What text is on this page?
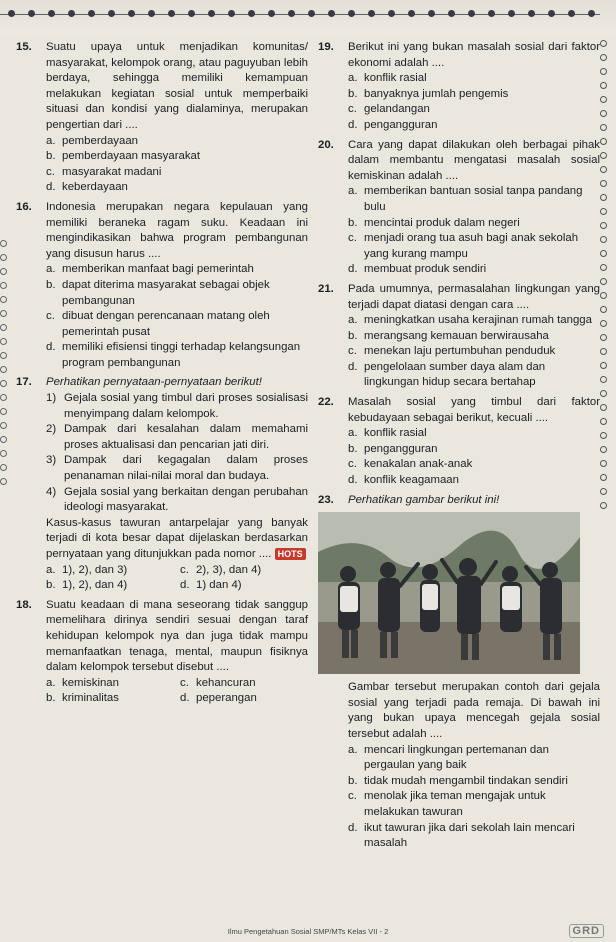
15.	Suatu upaya untuk menjadikan komunitas/ masyarakat, kelompok orang, atau paguyuban lebih berdaya, sehingga memiliki kemampuan melakukan kegiatan sosial untuk memperbaiki situasi dan kondisi yang dialaminya, merupakan pengertian dari ....
a. pemberdayaan
b. pemberdayaan masyarakat
c. masyarakat madani
d. keberdayaan
16.	Indonesia merupakan negara kepulauan yang memiliki beraneka ragam suku. Keadaan ini mengindikasikan bahwa program pembangunan yang disusun harus ....
a. memberikan manfaat bagi pemerintah
b. dapat diterima masyarakat sebagai objek pembangunan
c. dibuat dengan perencanaan matang oleh pemerintah pusat
d. memiliki efisiensi tinggi terhadap kelangsungan program pembangunan
17.	Perhatikan pernyataan-pernyataan berikut!
1) Gejala sosial yang timbul dari proses sosialisasi menyimpang dalam kelompok.
2) Dampak dari kesalahan dalam memahami proses aktualisasi dan pencarian jati diri.
3) Dampak dari kegagalan dalam proses penanaman nilai-nilai moral dan budaya.
4) Gejala sosial yang berkaitan dengan perubahan ideologi masyarakat.
Kasus-kasus tawuran antarpelajar yang banyak terjadi di kota besar dapat dijelaskan berdasarkan pernyataan yang ditunjukkan pada nomor .... HOTS
a. 1), 2), dan 3)	c. 2), 3), dan 4)
b. 1), 2), dan 4)	d. 1) dan 4)
18.	Suatu keadaan di mana seseorang tidak sanggup memelihara dirinya sendiri sesuai dengan taraf kehidupan kelompok nya dan juga tidak mampu memanfaatkan tenaga, mental, maupun fisiknya dalam kelompok tersebut disebut ....
a. kemiskinan	c. kehancuran
b. kriminalitas	d. peperangan
19.	Berikut ini yang bukan masalah sosial dari faktor ekonomi adalah ....
a. konflik rasial
b. banyaknya jumlah pengemis
c. gelandangan
d. pengangguran
20.	Cara yang dapat dilakukan oleh berbagai pihak dalam membantu mengatasi masalah sosial kemiskinan adalah ....
a. memberikan bantuan sosial tanpa pandang bulu
b. mencintai produk dalam negeri
c. menjadi orang tua asuh bagi anak sekolah yang kurang mampu
d. membuat produk sendiri
21.	Pada umumnya, permasalahan lingkungan yang terjadi dapat diatasi dengan cara ....
a. meningkatkan usaha kerajinan rumah tangga
b. merangsang kemauan berwirausaha
c. menekan laju pertumbuhan penduduk
d. pengelolaan sumber daya alam dan lingkungan hidup secara bertahap
22.	Masalah sosial yang timbul dari faktor kebudayaan sebagai berikut, kecuali ....
a. konflik rasial
b. pengangguran
c. kenakalan anak-anak
d. konflik keagamaan
23.	Perhatikan gambar berikut ini!
Gambar tersebut merupakan contoh dari gejala sosial yang terjadi pada remaja. Di bawah ini yang bukan upaya mencegah gejala sosial tersebut adalah ....
a. mencari lingkungan pertemanan dan pergaulan yang baik
b. tidak mudah mengambil tindakan sendiri
c. menolak jika teman mengajak untuk melakukan tawuran
d. ikut tawuran jika dari sekolah lain mencari masalah
Ilmu Pengetahuan Sosial SMP/MTs Kelas VII - 2	GRD
